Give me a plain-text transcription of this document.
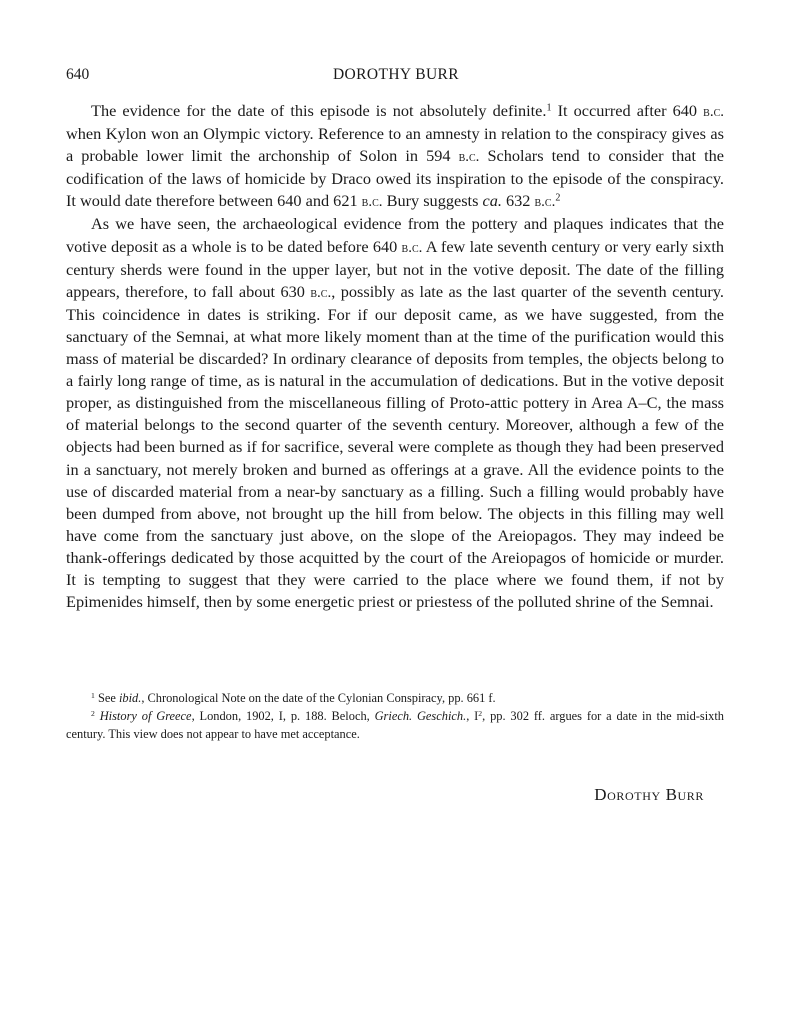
640	DOROTHY BURR

The evidence for the date of this episode is not absolutely definite.$^1$ It occurred after 640 b.c. when Kylon won an Olympic victory. Reference to an amnesty in relation to the conspiracy gives as a probable lower limit the archonship of Solon in 594 b.c. Scholars tend to consider that the codification of the laws of homicide by Draco owed its inspiration to the episode of the conspiracy. It would date therefore between 640 and 621 b.c. Bury suggests ca. 632 b.c.$^2$

As we have seen, the archaeological evidence from the pottery and plaques indicates that the votive deposit as a whole is to be dated before 640 b.c. A few late seventh century or very early sixth century sherds were found in the upper layer, but not in the votive deposit. The date of the filling appears, therefore, to fall about 630 b.c., possibly as late as the last quarter of the seventh century. This coincidence in dates is striking. For if our deposit came, as we have suggested, from the sanctuary of the Semnai, at what more likely moment than at the time of the purification would this mass of material be discarded? In ordinary clearance of deposits from temples, the objects belong to a fairly long range of time, as is natural in the accumulation of dedications. But in the votive deposit proper, as distinguished from the miscellaneous filling of Proto-attic pottery in Area A–C, the mass of material belongs to the second quarter of the seventh century. Moreover, although a few of the objects had been burned as if for sacrifice, several were complete as though they had been preserved in a sanctuary, not merely broken and burned as offerings at a grave. All the evidence points to the use of discarded material from a near-by sanctuary as a filling. Such a filling would probably have been dumped from above, not brought up the hill from below. The objects in this filling may well have come from the sanctuary just above, on the slope of the Areiopagos. They may indeed be thank-offerings dedicated by those acquitted by the court of the Areiopagos of homicide or murder. It is tempting to suggest that they were carried to the place where we found them, if not by Epimenides himself, then by some energetic priest or priestess of the polluted shrine of the Semnai.

$^1$ See ibid., Chronological Note on the date of the Cylonian Conspiracy, pp. 661 f.

$^2$ History of Greece, London, 1902, I, p. 188. Beloch, Griech. Geschich., $I^2$, pp. 302 ff. argues for a date in the mid-sixth century. This view does not appear to have met acceptance.

Dorothy Burr
